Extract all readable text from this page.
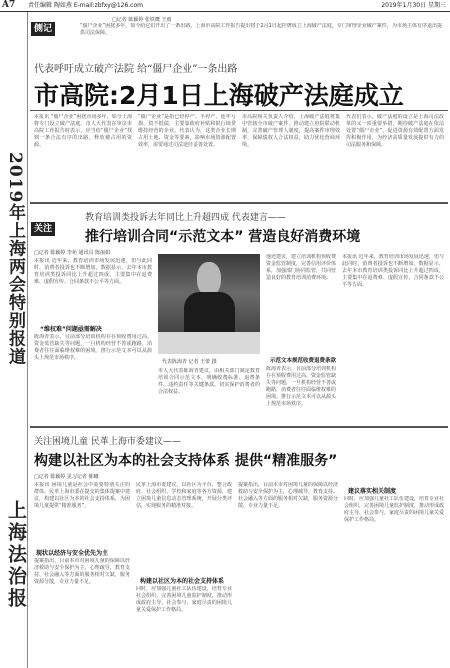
A7 责任编辑 陶如燕 E-mail:zbfxy@126.com	2019年1月30日 星期三
2019年上海两会特别报道
上海法治报
侧记
□记者 陈颖婷 张铁鹰 王雨
“僵尸企业”困扰多年，如今给它们开出了一条出路。上海市高院工作报告提出将于2月1日起挂牌成立上海破产法庭，专门审理企业破产案件，为市场主体有序退出提供司法保障。
代表呼吁成立破产法院 给“僵尸企业”一条出路
市高院:2月1日上海破产法庭成立
本报讯 “僵尸企业”困扰市场多年，如今上海将专门设立破产法庭。市人大代表在审议市高院工作报告时表示，应当给“僵尸企业”找到一条合法有序的出路，释放被占用的资源。
“僵尸企业”是指已经停产、半停产、连年亏损、资不抵债，主要靠政府补贴和银行续贷维持经营的企业。代表认为，这类企业长期占用土地、资金等要素，影响市场资源配置效率，需要通过司法途径妥善处置。
市高院相关负责人介绍，上海破产法庭将集中管辖全市破产案件，推动建立府院联动机制，完善破产管理人制度，提高案件审理效率，保障债权人合法权益，助力优化营商环境。
代表们表示，破产法庭的设立是上海司法改革的又一项重要举措，期待破产法庭在依法处置“僵尸企业”、促进资源有效配置方面发挥积极作用，为经济高质量发展提供有力的司法服务和保障。
关注
教育培训类投诉去年同比上升超四成 代表建言——
推行培训合同“示范文本” 营造良好消费环境
□记者 陈颖婷 李苑 通讯员 陈丽娟
本报讯 近年来，教育培训市场发展迅速，但与此同时，消费者投诉也不断增加。数据显示，去年本市教育培训类投诉同比上升超过四成，主要集中在退费难、虚假宣传、合同条款不公平等方面。
“维权难”问题亟需解决
陈海青表示，目前部分培训机构存在预收费用过高、资金监管缺失等问题，一旦机构经营不善或跑路，消费者往往面临维权难的困境。推行示范文本可以从源头上规范市场秩序。
代表陈海青 记者 王蕾 摄
市人大代表陈海青建议，由相关部门制定教育培训合同示范文本，明确收费标准、退费条件、违约责任等关键条款，切实保护消费者的合法权益。
他还建议，建立培训机构预收费资金监管制度，完善信用评价体系，加强部门协同监管，共同营造良好的教育培训消费环境。
示范文本规范收费退费条款
陈海青表示，目前部分培训机构存在预收费用过高、资金监管缺失等问题，一旦机构经营不善或跑路，消费者往往面临维权难的困境。推行示范文本可以从源头上规范市场秩序。
本报讯 近年来，教育培训市场发展迅速，但与此同时，消费者投诉也不断增加。数据显示，去年本市教育培训类投诉同比上升超过四成，主要集中在退费难、虚假宣传、合同条款不公平等方面。
关注困境儿童 民革上海市委建议——
构建以社区为本的社会支持体系 提供“精准服务”
□记者 陈颖婷 见习记者 陈曦
本报讯 困境儿童是社会中需要特别关注的群体。民革上海市委在提交的集体提案中建议，构建以社区为本的社会支持体系，为困境儿童提供“精准服务”。
现状以经济与安全优先为主
提案指出，目前本市对困境儿童的保障以经济救助与安全保护为主，心理疏导、教育支持、社会融入等方面的服务相对欠缺，服务资源分散，专业力量不足。
民革上海市委建议，以社区为平台，整合政府、社会组织、学校和家庭等各方资源，建立困境儿童信息动态管理系统，开展分类评估，实现服务的精准对接。
构建以社区为本的社会支持体系
同时，应加强儿童社工队伍建设，培育专业社会组织，完善困境儿童监护制度，推动形成政府主导、社会参与、家庭尽责的困境儿童关爱保护工作格局。
提案指出，目前本市对困境儿童的保障以经济救助与安全保护为主，心理疏导、教育支持、社会融入等方面的服务相对欠缺，服务资源分散，专业力量不足。
建议落实相关制度
同时，应加强儿童社工队伍建设，培育专业社会组织，完善困境儿童监护制度，推动形成政府主导、社会参与、家庭尽责的困境儿童关爱保护工作格局。
